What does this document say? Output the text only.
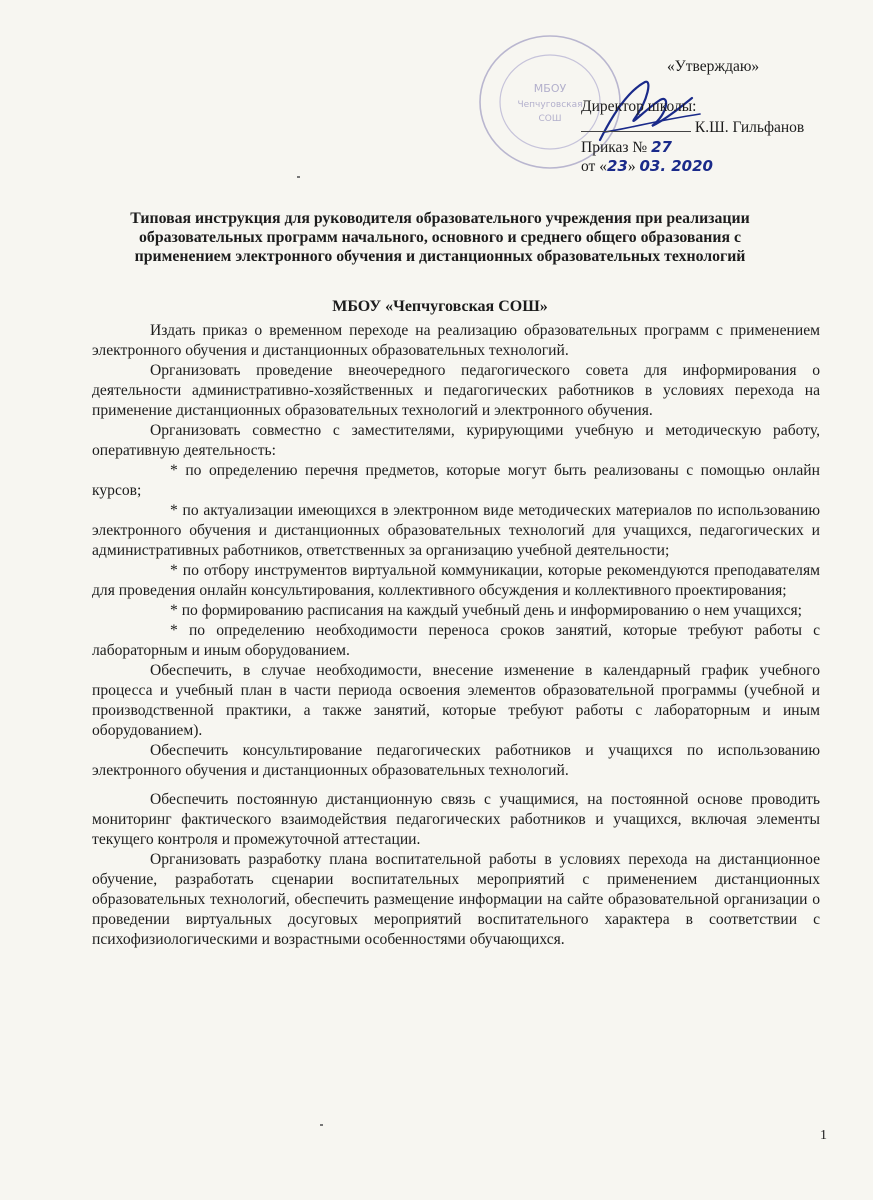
МБОУ
Чепчуговская
СОШ
«Утверждаю»
Директор школы:
К.Ш. Гильфанов
Приказ № 27
от «23» 03. 2020
Типовая инструкция для руководителя образовательного учреждения при реализации образовательных программ начального, основного и среднего общего образования с применением электронного обучения и дистанционных образовательных технологий
МБОУ «Чепчуговская СОШ»

Издать приказ о временном переходе на реализацию образовательных программ с применением электронного обучения и дистанционных образовательных технологий.

Организовать проведение внеочередного педагогического совета для информирования о деятельности административно-хозяйственных и педагогических работников в условиях перехода на применение дистанционных образовательных технологий и электронного обучения.

Организовать совместно с заместителями, курирующими учебную и методическую работу, оперативную деятельность:

* по определению перечня предметов, которые могут быть реализованы с помощью онлайн курсов;

* по актуализации имеющихся в электронном виде методических материалов по использованию электронного обучения и дистанционных образовательных технологий для учащихся, педагогических и административных работников, ответственных за организацию учебной деятельности;

* по отбору инструментов виртуальной коммуникации, которые рекомендуются преподавателям для проведения онлайн консультирования, коллективного обсуждения и коллективного проектирования;

* по формированию расписания на каждый учебный день и информированию о нем учащихся;

* по определению необходимости переноса сроков занятий, которые требуют работы с лабораторным и иным оборудованием.

Обеспечить, в случае необходимости, внесение изменение в календарный график учебного процесса и учебный план в части периода освоения элементов образовательной программы (учебной и производственной практики, а также занятий, которые требуют работы с лабораторным и иным оборудованием).

Обеспечить консультирование педагогических работников и учащихся по использованию электронного обучения и дистанционных образовательных технологий.

Обеспечить постоянную дистанционную связь с учащимися, на постоянной основе проводить мониторинг фактического взаимодействия педагогических работников и учащихся, включая элементы текущего контроля и промежуточной аттестации.

Организовать разработку плана воспитательной работы в условиях перехода на дистанционное обучение, разработать сценарии воспитательных мероприятий с применением дистанционных образовательных технологий, обеспечить размещение информации на сайте образовательной организации о проведении виртуальных досуговых мероприятий воспитательного характера в соответствии с психофизиологическими и возрастными особенностями обучающихся.

1
